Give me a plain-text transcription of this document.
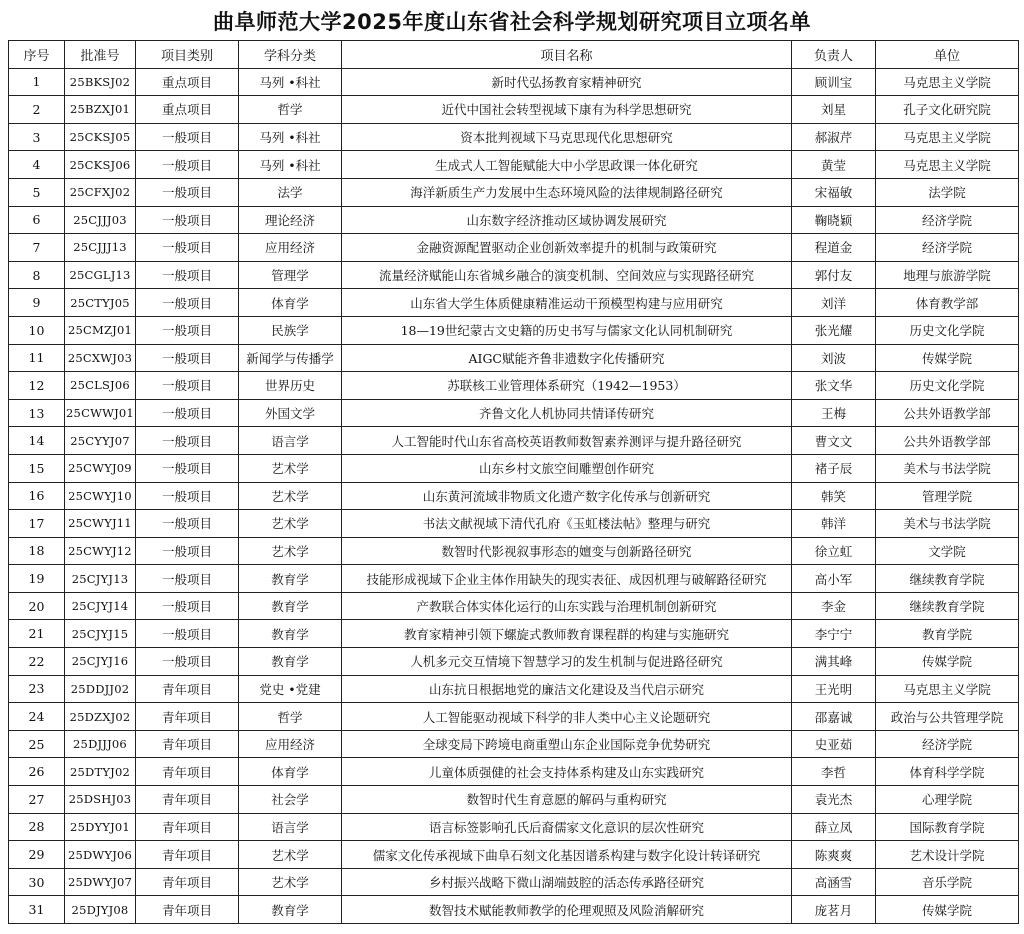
曲阜师范大学2025年度山东省社会科学规划研究项目立项名单
序号	批准号	项目类别	学科分类	项目名称	负责人	单位
1	25BKSJ02	重点项目	马列 •科社	新时代弘扬教育家精神研究	顾训宝	马克思主义学院
2	25BZXJ01	重点项目	哲学	近代中国社会转型视域下康有为科学思想研究	刘星	孔子文化研究院
3	25CKSJ05	一般项目	马列 •科社	资本批判视域下马克思现代化思想研究	郝淑芹	马克思主义学院
4	25CKSJ06	一般项目	马列 •科社	生成式人工智能赋能大中小学思政课一体化研究	黄莹	马克思主义学院
5	25CFXJ02	一般项目	法学	海洋新质生产力发展中生态环境风险的法律规制路径研究	宋福敏	法学院
6	25CJJJ03	一般项目	理论经济	山东数字经济推动区域协调发展研究	鞠晓颖	经济学院
7	25CJJJ13	一般项目	应用经济	金融资源配置驱动企业创新效率提升的机制与政策研究	程道金	经济学院
8	25CGLJ13	一般项目	管理学	流量经济赋能山东省城乡融合的演变机制、空间效应与实现路径研究	郭付友	地理与旅游学院
9	25CTYJ05	一般项目	体育学	山东省大学生体质健康精准运动干预模型构建与应用研究	刘洋	体育教学部
10	25CMZJ01	一般项目	民族学	18—19世纪蒙古文史籍的历史书写与儒家文化认同机制研究	张光耀	历史文化学院
11	25CXWJ03	一般项目	新闻学与传播学	AIGC赋能齐鲁非遗数字化传播研究	刘波	传媒学院
12	25CLSJ06	一般项目	世界历史	苏联核工业管理体系研究（1942—1953）	张文华	历史文化学院
13	25CWWJ01	一般项目	外国文学	齐鲁文化人机协同共情译传研究	王梅	公共外语教学部
14	25CYYJ07	一般项目	语言学	人工智能时代山东省高校英语教师数智素养测评与提升路径研究	曹文文	公共外语教学部
15	25CWYJ09	一般项目	艺术学	山东乡村文旅空间雕塑创作研究	褚子辰	美术与书法学院
16	25CWYJ10	一般项目	艺术学	山东黄河流域非物质文化遗产数字化传承与创新研究	韩笑	管理学院
17	25CWYJ11	一般项目	艺术学	书法文献视域下清代孔府《玉虹楼法帖》整理与研究	韩洋	美术与书法学院
18	25CWYJ12	一般项目	艺术学	数智时代影视叙事形态的嬗变与创新路径研究	徐立虹	文学院
19	25CJYJ13	一般项目	教育学	技能形成视域下企业主体作用缺失的现实表征、成因机理与破解路径研究	高小军	继续教育学院
20	25CJYJ14	一般项目	教育学	产教联合体实体化运行的山东实践与治理机制创新研究	李金	继续教育学院
21	25CJYJ15	一般项目	教育学	教育家精神引领下螺旋式教师教育课程群的构建与实施研究	李宁宁	教育学院
22	25CJYJ16	一般项目	教育学	人机多元交互情境下智慧学习的发生机制与促进路径研究	满其峰	传媒学院
23	25DDJJ02	青年项目	党史 •党建	山东抗日根据地党的廉洁文化建设及当代启示研究	王光明	马克思主义学院
24	25DZXJ02	青年项目	哲学	人工智能驱动视域下科学的非人类中心主义论题研究	邵嘉诚	政治与公共管理学院
25	25DJJJ06	青年项目	应用经济	全球变局下跨境电商重塑山东企业国际竞争优势研究	史亚茹	经济学院
26	25DTYJ02	青年项目	体育学	儿童体质强健的社会支持体系构建及山东实践研究	李哲	体育科学学院
27	25DSHJ03	青年项目	社会学	数智时代生育意愿的解码与重构研究	袁光杰	心理学院
28	25DYYJ01	青年项目	语言学	语言标签影响孔氏后裔儒家文化意识的层次性研究	薛立凤	国际教育学院
29	25DWYJ06	青年项目	艺术学	儒家文化传承视域下曲阜石刻文化基因谱系构建与数字化设计转译研究	陈爽爽	艺术设计学院
30	25DWYJ07	青年项目	艺术学	乡村振兴战略下微山湖端鼓腔的活态传承路径研究	高涵雪	音乐学院
31	25DJYJ08	青年项目	教育学	数智技术赋能教师教学的伦理观照及风险消解研究	庞茗月	传媒学院
